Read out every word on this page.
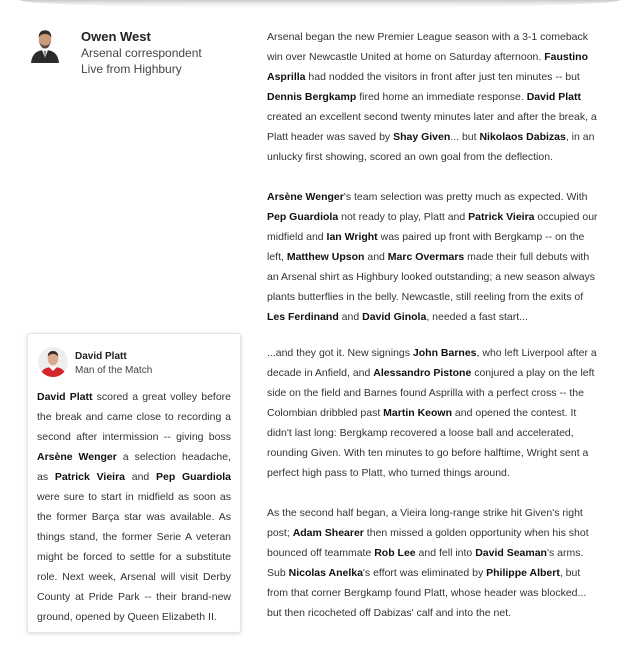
Owen West
Arsenal correspondent
Live from Highbury
David Platt
Man of the Match
David Platt scored a great volley before the break and came close to recording a second after intermission -- giving boss Arsène Wenger a selection headache, as Patrick Vieira and Pep Guardiola were sure to start in midfield as soon as the former Barça star was available. As things stand, the former Serie A veteran might be forced to settle for a substitute role. Next week, Arsenal will visit Derby County at Pride Park -- their brand-new ground, opened by Queen Elizabeth II.

Arsenal began the new Premier League season with a 3-1 comeback win over Newcastle United at home on Saturday afternoon. Faustino Asprilla had nodded the visitors in front after just ten minutes -- but Dennis Bergkamp fired home an immediate response. David Platt created an excellent second twenty minutes later and after the break, a Platt header was saved by Shay Given... but Nikolaos Dabizas, in an unlucky first showing, scored an own goal from the deflection.

Arsène Wenger's team selection was pretty much as expected. With Pep Guardiola not ready to play, Platt and Patrick Vieira occupied our midfield and Ian Wright was paired up front with Bergkamp -- on the left, Matthew Upson and Marc Overmars made their full debuts with an Arsenal shirt as Highbury looked outstanding; a new season always plants butterflies in the belly. Newcastle, still reeling from the exits of Les Ferdinand and David Ginola, needed a fast start...

...and they got it. New signings John Barnes, who left Liverpool after a decade in Anfield, and Alessandro Pistone conjured a play on the left side on the field and Barnes found Asprilla with a perfect cross -- the Colombian dribbled past Martin Keown and opened the contest. It didn't last long: Bergkamp recovered a loose ball and accelerated, rounding Given. With ten minutes to go before halftime, Wright sent a perfect high pass to Platt, who turned things around.

As the second half began, a Vieira long-range strike hit Given's right post; Adam Shearer then missed a golden opportunity when his shot bounced off teammate Rob Lee and fell into David Seaman's arms. Sub Nicolas Anelka's effort was eliminated by Philippe Albert, but from that corner Bergkamp found Platt, whose header was blocked... but then ricocheted off Dabizas' calf and into the net.
